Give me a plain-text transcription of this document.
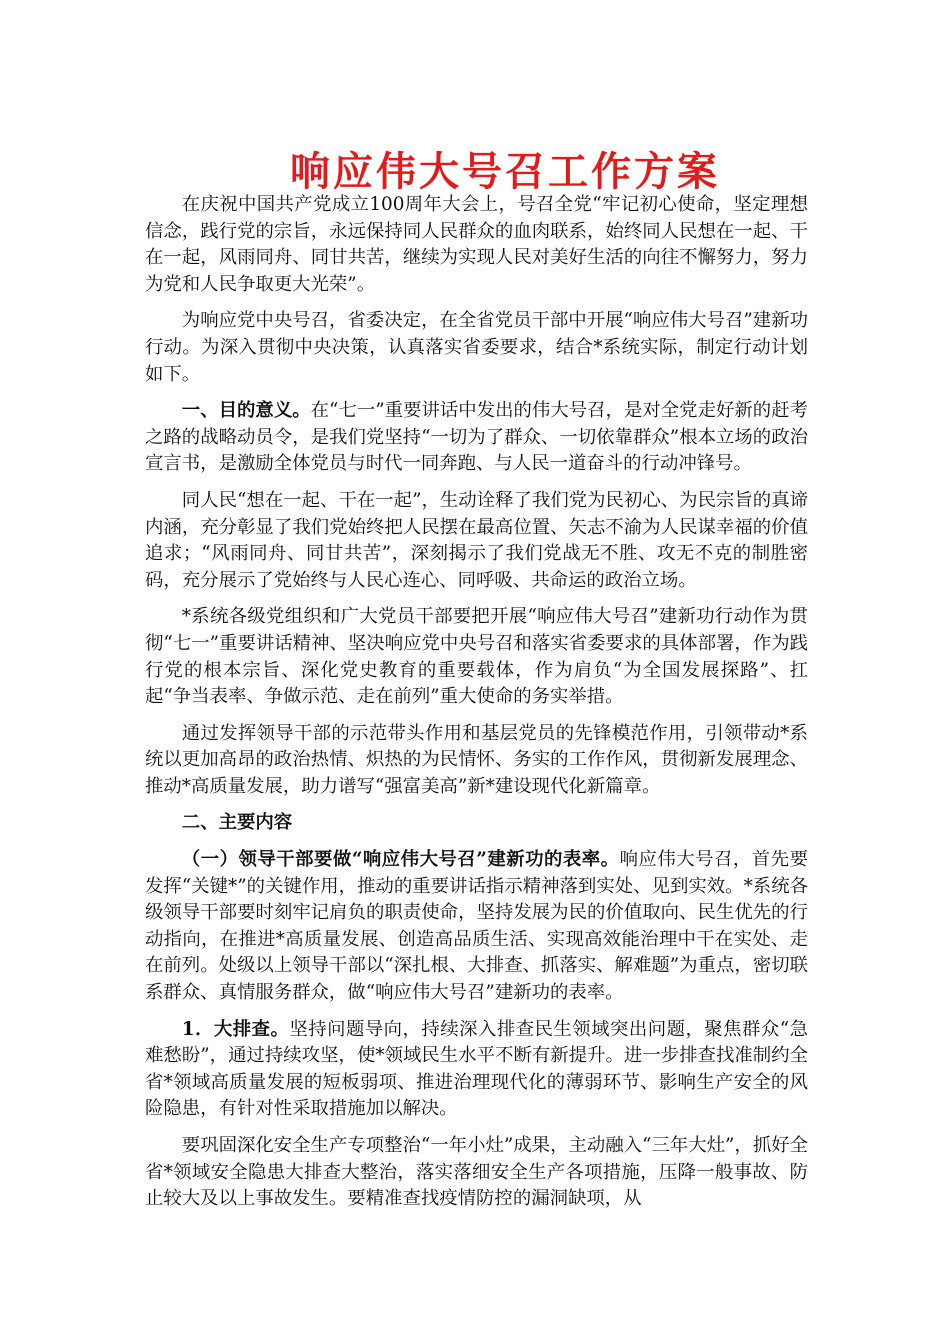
响应伟大号召工作方案

在庆祝中国共产党成立100周年大会上，号召全党“牢记初心使命，坚定理想信念，践行党的宗旨，永远保持同人民群众的血肉联系，始终同人民想在一起、干在一起，风雨同舟、同甘共苦，继续为实现人民对美好生活的向往不懈努力，努力为党和人民争取更大光荣”。

为响应党中央号召，省委决定，在全省党员干部中开展“响应伟大号召”建新功行动。为深入贯彻中央决策，认真落实省委要求，结合*系统实际，制定行动计划如下。

一、目的意义。在“七一”重要讲话中发出的伟大号召，是对全党走好新的赶考之路的战略动员令，是我们党坚持“一切为了群众、一切依靠群众”根本立场的政治宣言书，是激励全体党员与时代一同奔跑、与人民一道奋斗的行动冲锋号。

同人民“想在一起、干在一起”，生动诠释了我们党为民初心、为民宗旨的真谛内涵，充分彰显了我们党始终把人民摆在最高位置、矢志不渝为人民谋幸福的价值追求；“风雨同舟、同甘共苦”，深刻揭示了我们党战无不胜、攻无不克的制胜密码，充分展示了党始终与人民心连心、同呼吸、共命运的政治立场。

*系统各级党组织和广大党员干部要把开展“响应伟大号召”建新功行动作为贯彻“七一”重要讲话精神、坚决响应党中央号召和落实省委要求的具体部署，作为践行党的根本宗旨、深化党史教育的重要载体，作为肩负“为全国发展探路”、扛起“争当表率、争做示范、走在前列”重大使命的务实举措。

通过发挥领导干部的示范带头作用和基层党员的先锋模范作用，引领带动*系统以更加高昂的政治热情、炽热的为民情怀、务实的工作作风，贯彻新发展理念、推动*高质量发展，助力谱写“强富美高”新*建设现代化新篇章。

二、主要内容

（一）领导干部要做“响应伟大号召”建新功的表率。响应伟大号召，首先要发挥“关键*”的关键作用，推动的重要讲话指示精神落到实处、见到实效。*系统各级领导干部要时刻牢记肩负的职责使命，坚持发展为民的价值取向、民生优先的行动指向，在推进*高质量发展、创造高品质生活、实现高效能治理中干在实处、走在前列。处级以上领导干部以“深扎根、大排查、抓落实、解难题”为重点，密切联系群众、真情服务群众，做“响应伟大号召”建新功的表率。

1．大排查。坚持问题导向，持续深入排查民生领域突出问题，聚焦群众“急难愁盼”，通过持续攻坚，使*领域民生水平不断有新提升。进一步排查找准制约全省*领域高质量发展的短板弱项、推进治理现代化的薄弱环节、影响生产安全的风险隐患，有针对性采取措施加以解决。

要巩固深化安全生产专项整治“一年小灶”成果，主动融入“三年大灶”，抓好全省*领域安全隐患大排查大整治，落实落细安全生产各项措施，压降一般事故、防止较大及以上事故发生。要精准查找疫情防控的漏洞缺项，从
